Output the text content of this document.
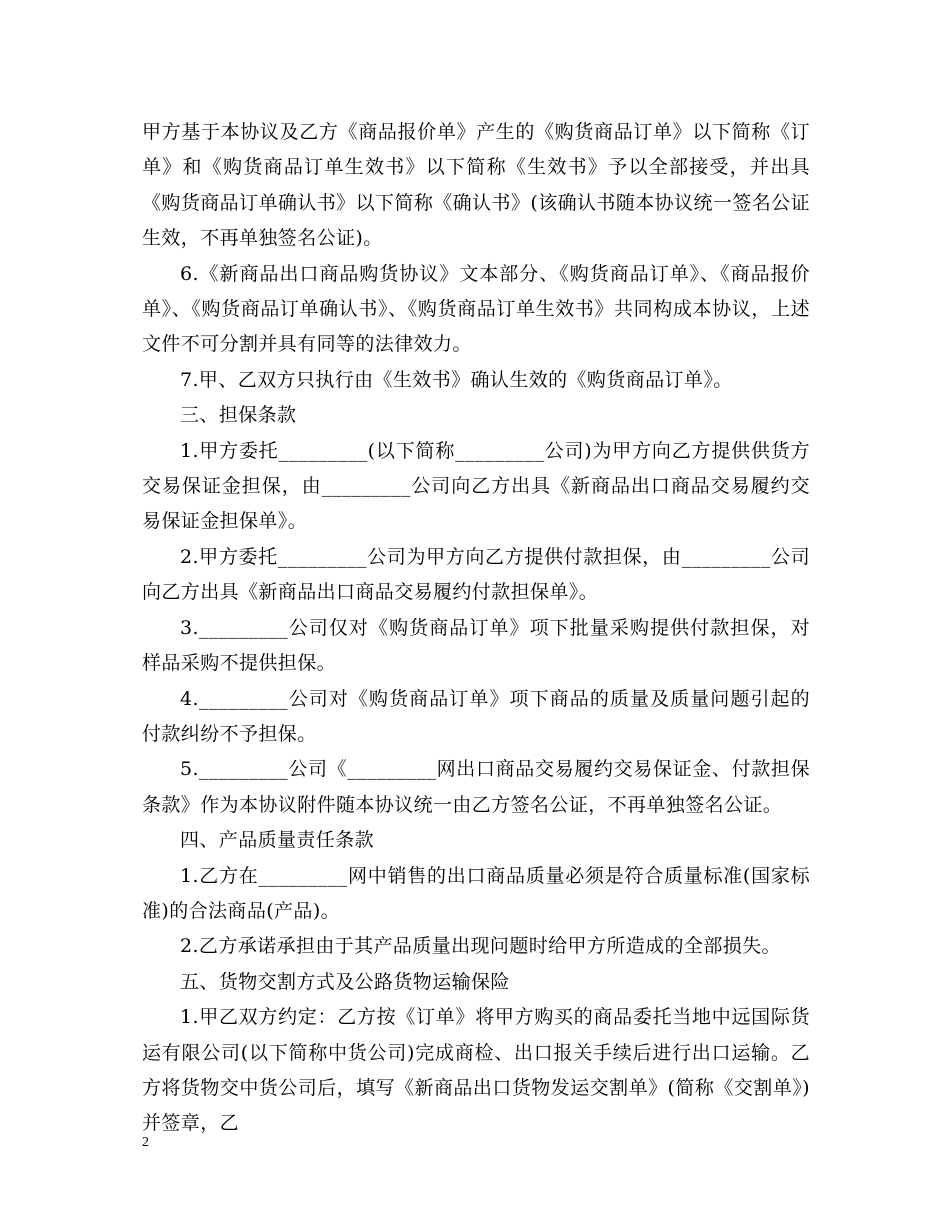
甲方基于本协议及乙方《商品报价单》产生的《购货商品订单》以下简称《订单》和《购货商品订单生效书》以下简称《生效书》予以全部接受，并出具《购货商品订单确认书》以下简称《确认书》(该确认书随本协议统一签名公证生效，不再单独签名公证)。

6.《新商品出口商品购货协议》文本部分、《购货商品订单》、《商品报价单》、《购货商品订单确认书》、《购货商品订单生效书》共同构成本协议，上述文件不可分割并具有同等的法律效力。

7.甲、乙双方只执行由《生效书》确认生效的《购货商品订单》。

三、担保条款

1.甲方委托_________(以下简称_________公司)为甲方向乙方提供供货方交易保证金担保，由_________公司向乙方出具《新商品出口商品交易履约交易保证金担保单》。

2.甲方委托_________公司为甲方向乙方提供付款担保，由_________公司向乙方出具《新商品出口商品交易履约付款担保单》。

3._________公司仅对《购货商品订单》项下批量采购提供付款担保，对样品采购不提供担保。

4._________公司对《购货商品订单》项下商品的质量及质量问题引起的付款纠纷不予担保。

5._________公司《_________网出口商品交易履约交易保证金、付款担保条款》作为本协议附件随本协议统一由乙方签名公证，不再单独签名公证。

四、产品质量责任条款

1.乙方在_________网中销售的出口商品质量必须是符合质量标准(国家标准)的合法商品(产品)。

2.乙方承诺承担由于其产品质量出现问题时给甲方所造成的全部损失。

五、货物交割方式及公路货物运输保险

1.甲乙双方约定：乙方按《订单》将甲方购买的商品委托当地中远国际货运有限公司(以下简称中货公司)完成商检、出口报关手续后进行出口运输。乙方将货物交中货公司后，填写《新商品出口货物发运交割单》(简称《交割单》)并签章，乙

2
